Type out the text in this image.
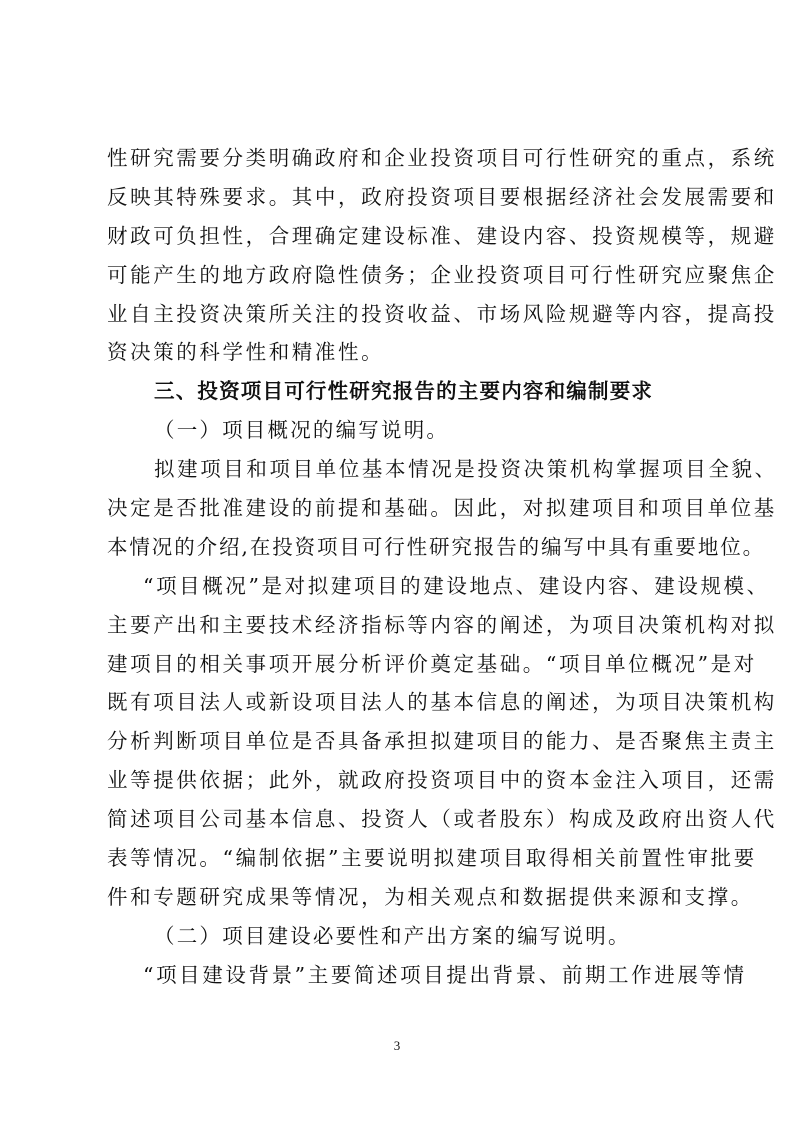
性研究需要分类明确政府和企业投资项目可行性研究的重点，系统
反映其特殊要求。其中，政府投资项目要根据经济社会发展需要和
财政可负担性，合理确定建设标准、建设内容、投资规模等，规避
可能产生的地方政府隐性债务；企业投资项目可行性研究应聚焦企
业自主投资决策所关注的投资收益、市场风险规避等内容，提高投
资决策的科学性和精准性。
三、投资项目可行性研究报告的主要内容和编制要求
（一）项目概况的编写说明。
拟建项目和项目单位基本情况是投资决策机构掌握项目全貌、
决定是否批准建设的前提和基础。因此，对拟建项目和项目单位基
本情况的介绍,在投资项目可行性研究报告的编写中具有重要地位。
“项目概况”是对拟建项目的建设地点、建设内容、建设规模、
主要产出和主要技术经济指标等内容的阐述，为项目决策机构对拟
建项目的相关事项开展分析评价奠定基础。“项目单位概况”是对
既有项目法人或新设项目法人的基本信息的阐述，为项目决策机构
分析判断项目单位是否具备承担拟建项目的能力、是否聚焦主责主
业等提供依据；此外，就政府投资项目中的资本金注入项目，还需
简述项目公司基本信息、投资人（或者股东）构成及政府出资人代
表等情况。“编制依据”主要说明拟建项目取得相关前置性审批要
件和专题研究成果等情况，为相关观点和数据提供来源和支撑。
（二）项目建设必要性和产出方案的编写说明。
“项目建设背景”主要简述项目提出背景、前期工作进展等情
3
